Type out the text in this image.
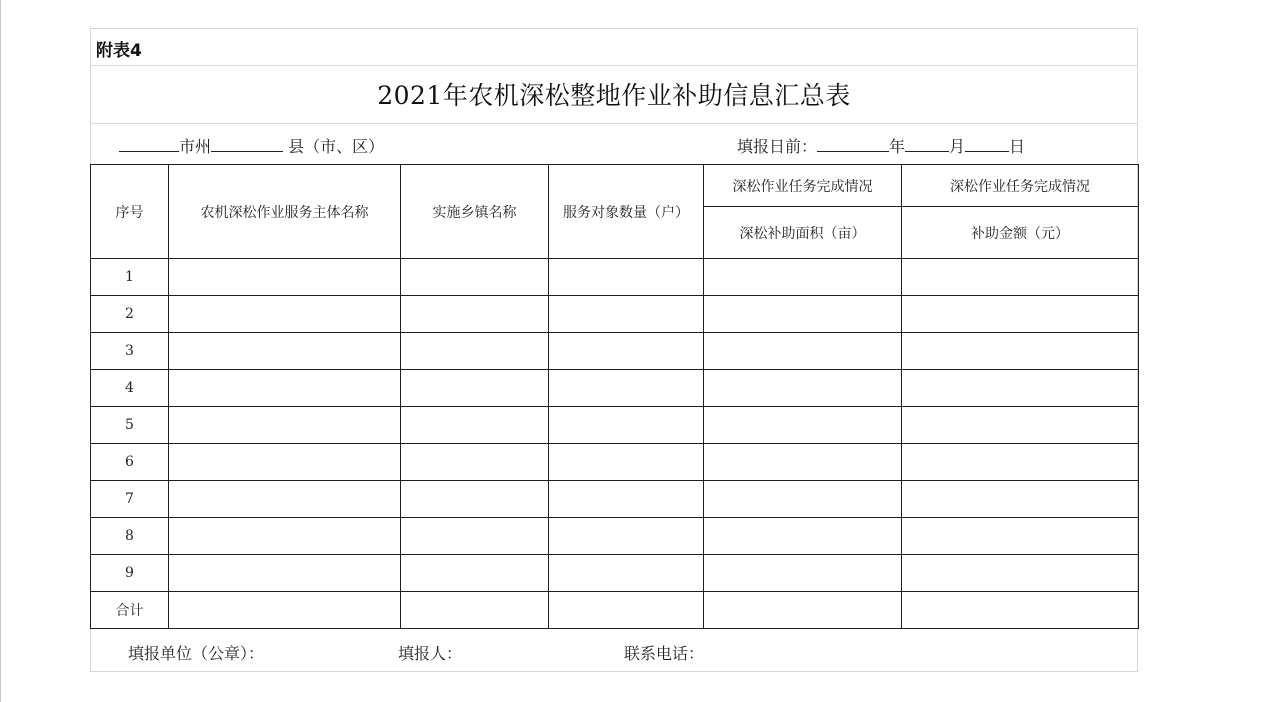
附表4
2021年农机深松整地作业补助信息汇总表
市州	县（市、区）	填报日前：	年	月	日
序号	农机深松作业服务主体名称	实施乡镇名称	服务对象数量（户）	深松作业任务完成情况	深松作业任务完成情况
				深松补助面积（亩）	补助金额（元）
1					
2					
3					
4					
5					
6					
7					
8					
9					
合计					
填报单位（公章）：	填报人：	联系电话：
